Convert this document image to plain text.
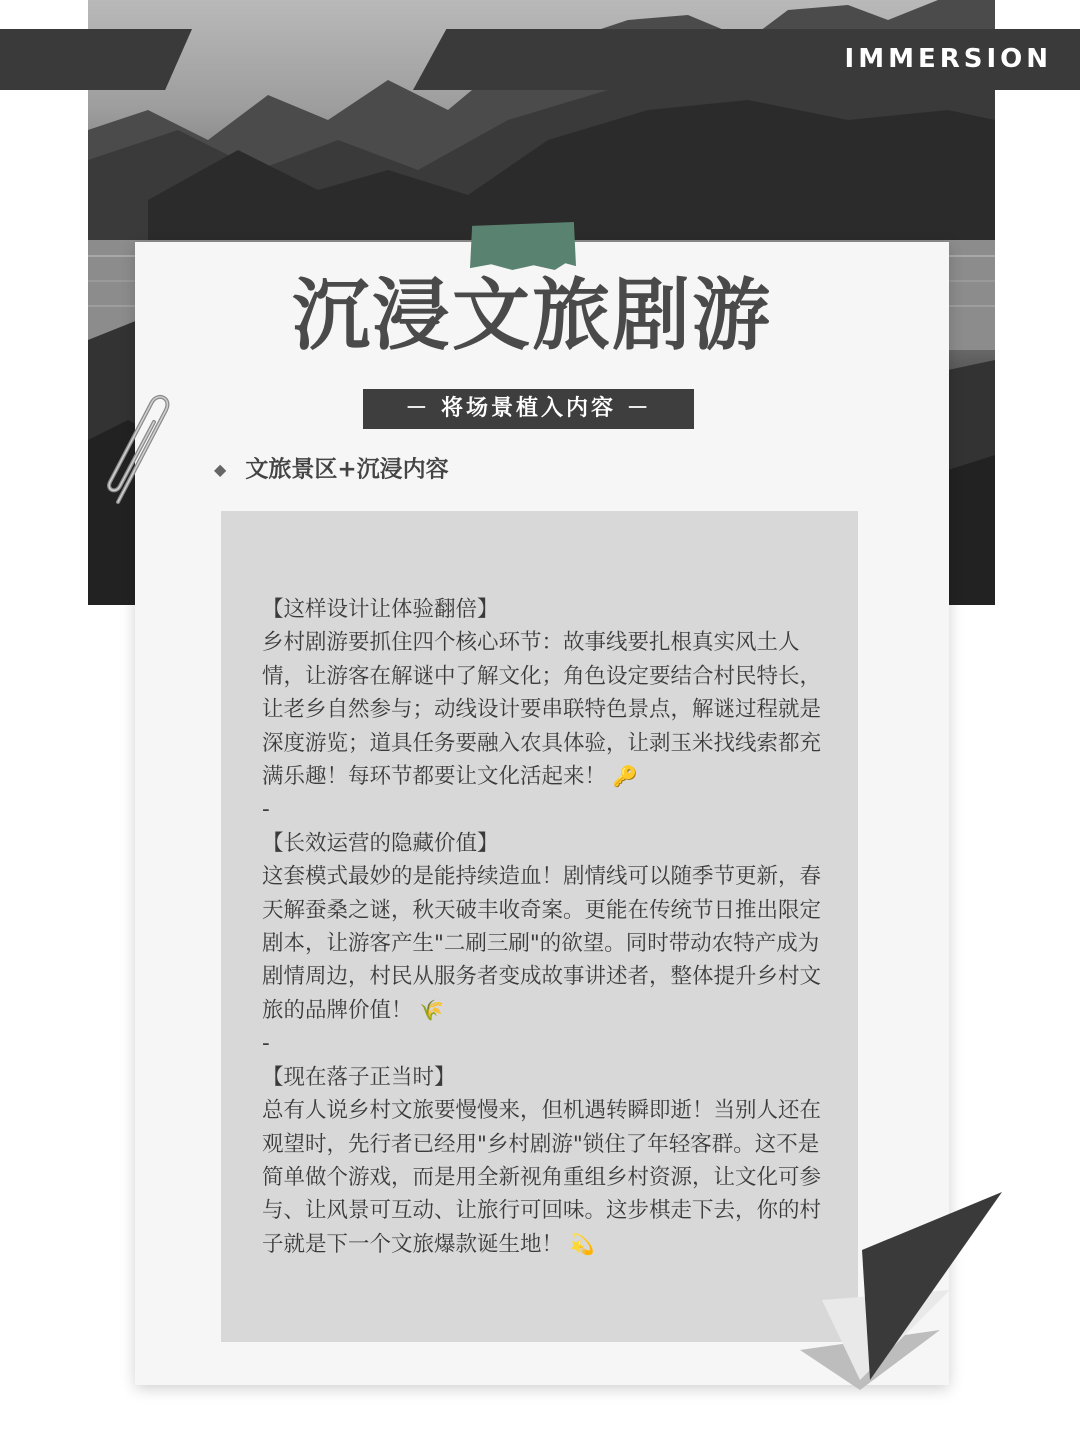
IMMERSION
沉浸文旅剧游
－ 将场景植入内容 －
◆ 文旅景区+沉浸内容

【这样设计让体验翻倍】

乡村剧游要抓住四个核心环节：故事线要扎根真实风土人情，让游客在解谜中了解文化；角色设定要结合村民特长，让老乡自然参与；动线设计要串联特色景点，解谜过程就是深度游览；道具任务要融入农具体验，让剥玉米找线索都充满乐趣！每环节都要让文化活起来！ 🔑

-

【长效运营的隐藏价值】

这套模式最妙的是能持续造血！剧情线可以随季节更新，春天解蚕桑之谜，秋天破丰收奇案。更能在传统节日推出限定剧本，让游客产生"二刷三刷"的欲望。同时带动农特产成为剧情周边，村民从服务者变成故事讲述者，整体提升乡村文旅的品牌价值！ 🌾

-

【现在落子正当时】

总有人说乡村文旅要慢慢来，但机遇转瞬即逝！当别人还在观望时，先行者已经用"乡村剧游"锁住了年轻客群。这不是简单做个游戏，而是用全新视角重组乡村资源，让文化可参与、让风景可互动、让旅行可回味。这步棋走下去，你的村子就是下一个文旅爆款诞生地！ 💫
